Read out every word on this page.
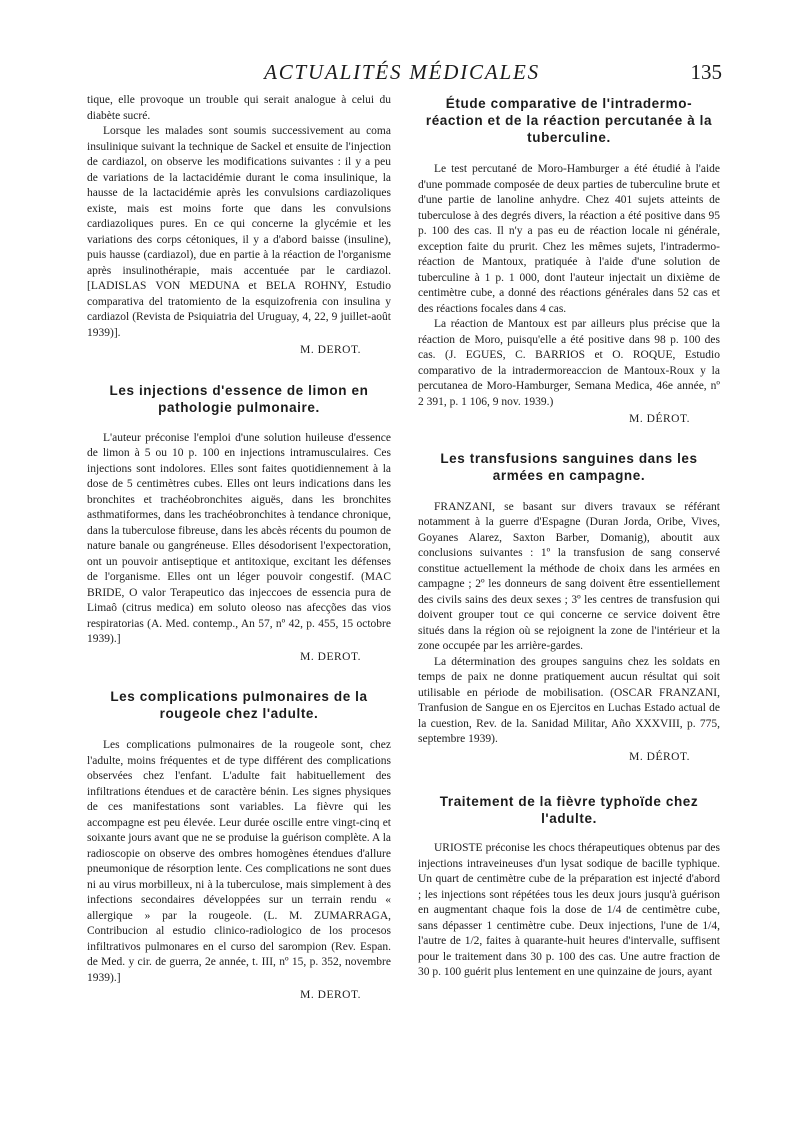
ACTUALITÉS MÉDICALES	135

tique, elle provoque un trouble qui serait analogue à celui du diabète sucré.

Lorsque les malades sont soumis successivement au coma insulinique suivant la technique de Sackel et ensuite de l'injection de cardiazol, on observe les modifications suivantes : il y a peu de variations de la lactacidémie durant le coma insulinique, la hausse de la lactacidémie après les convulsions cardiazoliques existe, mais est moins forte que dans les convulsions cardiazoliques pures. En ce qui concerne la glycémie et les variations des corps cétoniques, il y a d'abord baisse (insuline), puis hausse (cardiazol), due en partie à la réaction de l'organisme après insulinothérapie, mais accentuée par le cardiazol. [LADISLAS VON MEDUNA et BELA ROHNY, Estudio comparativa del tratomiento de la esquizofrenia con insulina y cardiazol (Revista de Psiquiatria del Uruguay, 4, 22, 9 juillet-août 1939)].

M. DEROT.
Les injections d'essence de limon en pathologie pulmonaire.

L'auteur préconise l'emploi d'une solution huileuse d'essence de limon à 5 ou 10 p. 100 en injections intramusculaires. Ces injections sont indolores. Elles sont faites quotidiennement à la dose de 5 centimètres cubes. Elles ont leurs indications dans les bronchites et trachéobronchites aiguës, dans les bronchites asthmatiformes, dans les trachéobronchites à tendance chronique, dans la tuberculose fibreuse, dans les abcès récents du poumon de nature banale ou gangréneuse. Elles désodorisent l'expectoration, ont un pouvoir antiseptique et antitoxique, excitant les défenses de l'organisme. Elles ont un léger pouvoir congestif. (MAC BRIDE, O valor Terapeutico das injeccoes de essencia pura de Limaô (citrus medica) em soluto oleoso nas afecções das vios respiratorias (A. Med. contemp., An 57, nº 42, p. 455, 15 octobre 1939).]

M. DEROT.
Les complications pulmonaires de la rougeole chez l'adulte.

Les complications pulmonaires de la rougeole sont, chez l'adulte, moins fréquentes et de type différent des complications observées chez l'enfant. L'adulte fait habituellement des infiltrations étendues et de caractère bénin. Les signes physiques de ces manifestations sont variables. La fièvre qui les accompagne est peu élevée. Leur durée oscille entre vingt-cinq et soixante jours avant que ne se produise la guérison complète. A la radioscopie on observe des ombres homogènes étendues d'allure pneumonique de résorption lente. Ces complications ne sont dues ni au virus morbilleux, ni à la tuberculose, mais simplement à des infections secondaires développées sur un terrain rendu « allergique » par la rougeole. (L. M. ZUMARRAGA, Contribucion al estudio clinico-radiologico de los procesos infiltrativos pulmonares en el curso del sarompion (Rev. Espan. de Med. y cir. de guerra, 2e année, t. III, nº 15, p. 352, novembre 1939).]

M. DEROT.
Étude comparative de l'intradermo-réaction et de la réaction percutanée à la tuberculine.

Le test percutané de Moro-Hamburger a été étudié à l'aide d'une pommade composée de deux parties de tuberculine brute et d'une partie de lanoline anhydre. Chez 401 sujets atteints de tuberculose à des degrés divers, la réaction a été positive dans 95 p. 100 des cas. Il n'y a pas eu de réaction locale ni générale, exception faite du prurit. Chez les mêmes sujets, l'intradermo-réaction de Mantoux, pratiquée à l'aide d'une solution de tuberculine à 1 p. 1 000, dont l'auteur injectait un dixième de centimètre cube, a donné des réactions générales dans 52 cas et des réactions focales dans 4 cas.

La réaction de Mantoux est par ailleurs plus précise que la réaction de Moro, puisqu'elle a été positive dans 98 p. 100 des cas. (J. EGUES, C. BARRIOS et O. ROQUE, Estudio comparativo de la intradermoreaccion de Mantoux-Roux y la percutanea de Moro-Hamburger, Semana Medica, 46e année, nº 2 391, p. 1 106, 9 nov. 1939.)

M. DÉROT.
Les transfusions sanguines dans les armées en campagne.

FRANZANI, se basant sur divers travaux se référant notamment à la guerre d'Espagne (Duran Jorda, Oribe, Vives, Goyanes Alarez, Saxton Barber, Domanig), aboutit aux conclusions suivantes : 1º la transfusion de sang conservé constitue actuellement la méthode de choix dans les armées en campagne ; 2º les donneurs de sang doivent être essentiellement des civils sains des deux sexes ; 3º les centres de transfusion qui doivent grouper tout ce qui concerne ce service doivent être situés dans la région où se rejoignent la zone de l'intérieur et la zone occupée par les arrière-gardes.

La détermination des groupes sanguins chez les soldats en temps de paix ne donne pratiquement aucun résultat qui soit utilisable en période de mobilisation. (OSCAR FRANZANI, Tranfusion de Sangue en os Ejercitos en Luchas Estado actual de la cuestion, Rev. de la. Sanidad Militar, Año XXXVIII, p. 775, septembre 1939).

M. DÉROT.
Traitement de la fièvre typhoïde chez l'adulte.

URIOSTE préconise les chocs thérapeutiques obtenus par des injections intraveineuses d'un lysat sodique de bacille typhique. Un quart de centimètre cube de la préparation est injecté d'abord ; les injections sont répétées tous les deux jours jusqu'à guérison en augmentant chaque fois la dose de 1/4 de centimètre cube, sans dépasser 1 centimètre cube. Deux injections, l'une de 1/4, l'autre de 1/2, faites à quarante-huit heures d'intervalle, suffisent pour le traitement dans 30 p. 100 des cas. Une autre fraction de 30 p. 100 guérit plus lentement en une quinzaine de jours, ayant
